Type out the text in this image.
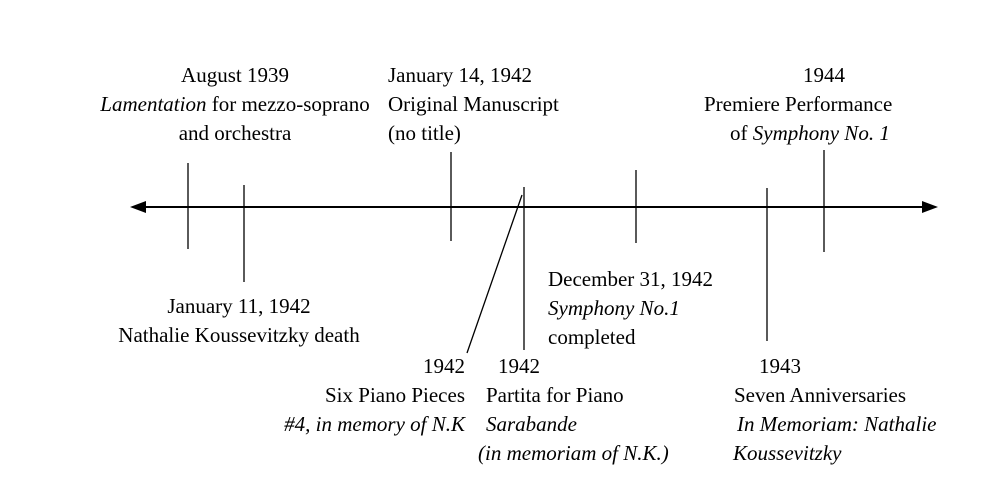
August 1939
Lamentation for mezzo-soprano
and orchestra
January 14, 1942
Original Manuscript
(no title)
1944
Premiere Performance
of Symphony No. 1
January 11, 1942
Nathalie Koussevitzky death
December 31, 1942
Symphony No.1
completed
1942
Six Piano Pieces
#4, in memory of N.K
1942
Partita for Piano
Sarabande
(in memoriam of N.K.)
1943
Seven Anniversaries
In Memoriam: Nathalie
Koussevitzky
